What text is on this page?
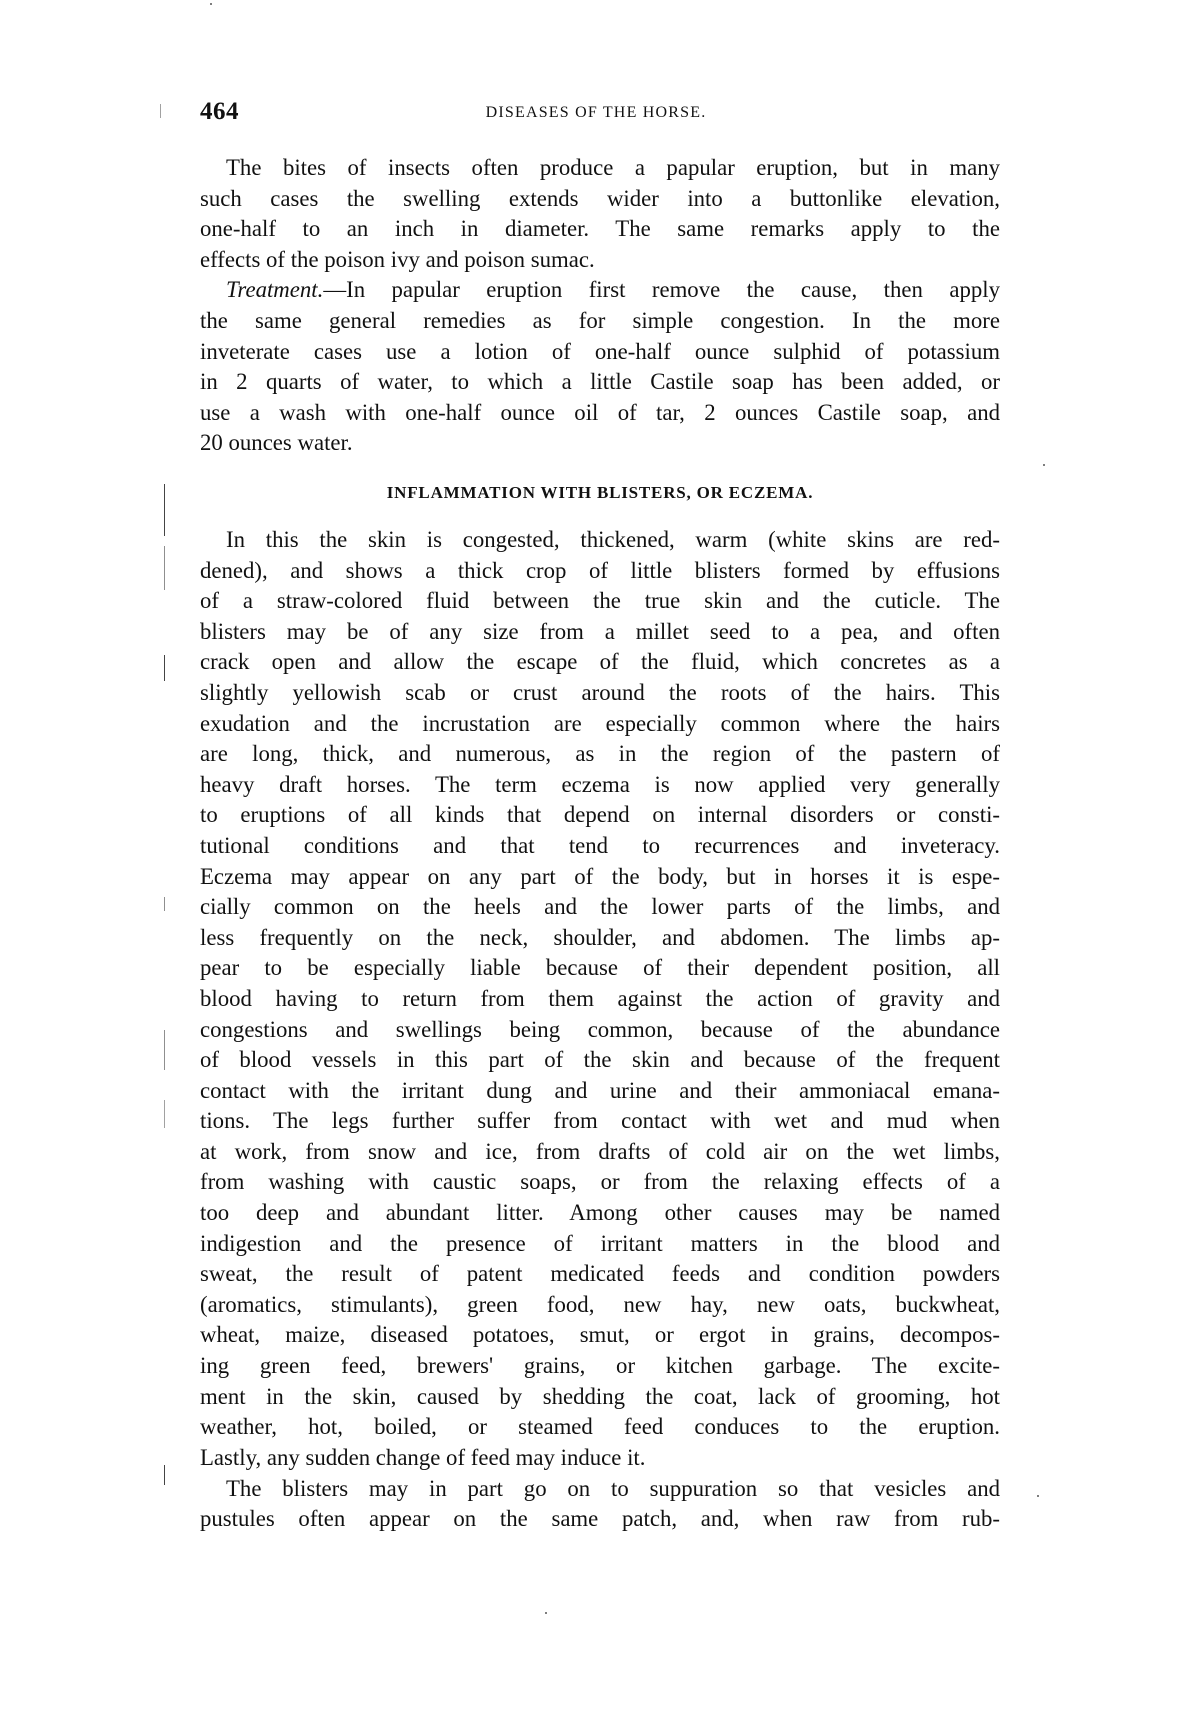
464	DISEASES OF THE HORSE.
The bites of insects often produce a papular eruption, but in many
such cases the swelling extends wider into a buttonlike elevation,
one-half to an inch in diameter. The same remarks apply to the
effects of the poison ivy and poison sumac.
Treatment.—In papular eruption first remove the cause, then apply
the same general remedies as for simple congestion. In the more
inveterate cases use a lotion of one-half ounce sulphid of potassium
in 2 quarts of water, to which a little Castile soap has been added, or
use a wash with one-half ounce oil of tar, 2 ounces Castile soap, and
20 ounces water.
INFLAMMATION WITH BLISTERS, OR ECZEMA.
In this the skin is congested, thickened, warm (white skins are red-
dened), and shows a thick crop of little blisters formed by effusions
of a straw-colored fluid between the true skin and the cuticle. The
blisters may be of any size from a millet seed to a pea, and often
crack open and allow the escape of the fluid, which concretes as a
slightly yellowish scab or crust around the roots of the hairs. This
exudation and the incrustation are especially common where the hairs
are long, thick, and numerous, as in the region of the pastern of
heavy draft horses. The term eczema is now applied very generally
to eruptions of all kinds that depend on internal disorders or consti-
tutional conditions and that tend to recurrences and inveteracy.
Eczema may appear on any part of the body, but in horses it is espe-
cially common on the heels and the lower parts of the limbs, and
less frequently on the neck, shoulder, and abdomen. The limbs ap-
pear to be especially liable because of their dependent position, all
blood having to return from them against the action of gravity and
congestions and swellings being common, because of the abundance
of blood vessels in this part of the skin and because of the frequent
contact with the irritant dung and urine and their ammoniacal emana-
tions. The legs further suffer from contact with wet and mud when
at work, from snow and ice, from drafts of cold air on the wet limbs,
from washing with caustic soaps, or from the relaxing effects of a
too deep and abundant litter. Among other causes may be named
indigestion and the presence of irritant matters in the blood and
sweat, the result of patent medicated feeds and condition powders
(aromatics, stimulants), green food, new hay, new oats, buckwheat,
wheat, maize, diseased potatoes, smut, or ergot in grains, decompos-
ing green feed, brewers' grains, or kitchen garbage. The excite-
ment in the skin, caused by shedding the coat, lack of grooming, hot
weather, hot, boiled, or steamed feed conduces to the eruption.
Lastly, any sudden change of feed may induce it.
The blisters may in part go on to suppuration so that vesicles and
pustules often appear on the same patch, and, when raw from rub-
